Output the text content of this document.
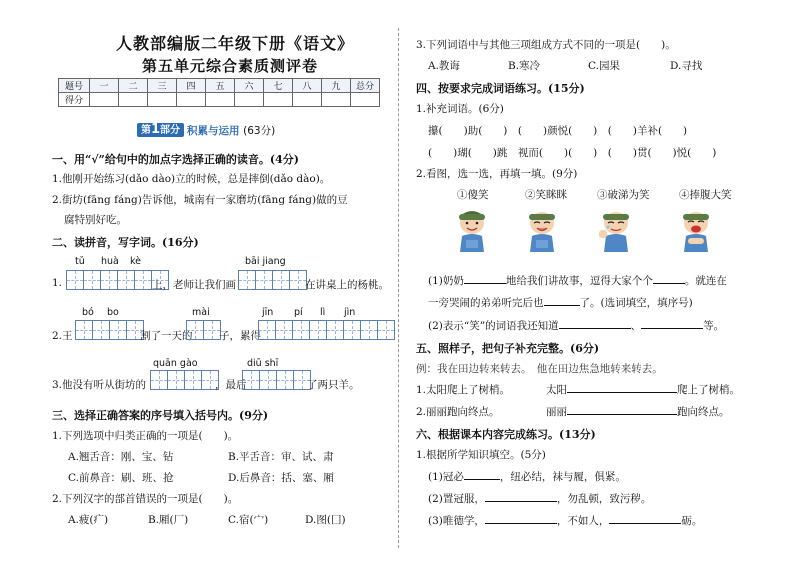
人教部编版二年级下册《语文》
第五单元综合素质测评卷
题号	一	二	三	四	五	六	七	八	九	总分
得分										
第1部分 积累与运用 (63分)
一、用“√”给句中的加点字选择正确的读音。(4分)
1.他刚开始练习(dǎo dào)立的时候，总是摔倒(dǎo dào)。
2.街坊(fāng fáng)告诉他，城南有一家磨坊(fāng fáng)做的豆
腐特别好吃。
二、读拼音，写字词。(16分)
tǔ huà kè
1.	上，老师让我们画
bāi jiang
在讲桌上的杨桃。
bó bo
2.王	割了一天的
mài
子，累得
jīn pí lì jìn
quān gào
3.他没有听从街坊的	，最后
diū shī
了两只羊。
三、选择正确答案的序号填入括号内。(9分)
1.下列选项中归类正确的一项是(　　)。
A.翘舌音：刚、宝、钻	B.平舌音：审、试、肃
C.前鼻音：刷、班、抢	D.后鼻音：括、塞、厢
2.下列汉字的部首错误的一项是(　　)。
A.疲(疒)	B.厢(厂)	C.宿(宀)	D.图(囗)
3.下列词语中与其他三项组成方式不同的一项是(　　)。
A.教诲	B.寒冷	C.园果	D.寻找
四、按要求完成词语练习。(15分)
1.补充词语。(6分)
攥(　　)助(　　)　(　　)颜悦(　　)　(　　)羊补(　　)
(　　)瑚(　　)跳　视而(　　)(　　)　(　　)贯(　　)悦(　　)
2.看图，选一选，再填一填。(9分)
①傻笑	②笑眯眯	③破涕为笑	④捧腹大笑
(1)奶奶	地给我们讲故事，逗得大家个个	。就连在
一旁哭闹的弟弟听完后也	了。(选词填空，填序号)
(2)表示“笑”的词语我还知道	、	等。
五、照样子，把句子补充完整。(6分)
例：我在田边转来转去。　他在田边焦急地转来转去。
1.太阳爬上了树梢。	太阳	爬上了树梢。
2.丽丽跑向终点。	丽丽	跑向终点。
六、根据课本内容完成练习。(13分)
1.根据所学知识填空。(5分)
(1)冠必	，纽必结，袜与履，俱紧。
(2)置冠服，	，勿乱顿，致污秽。
(3)唯德学，	，不如人，	砺。
